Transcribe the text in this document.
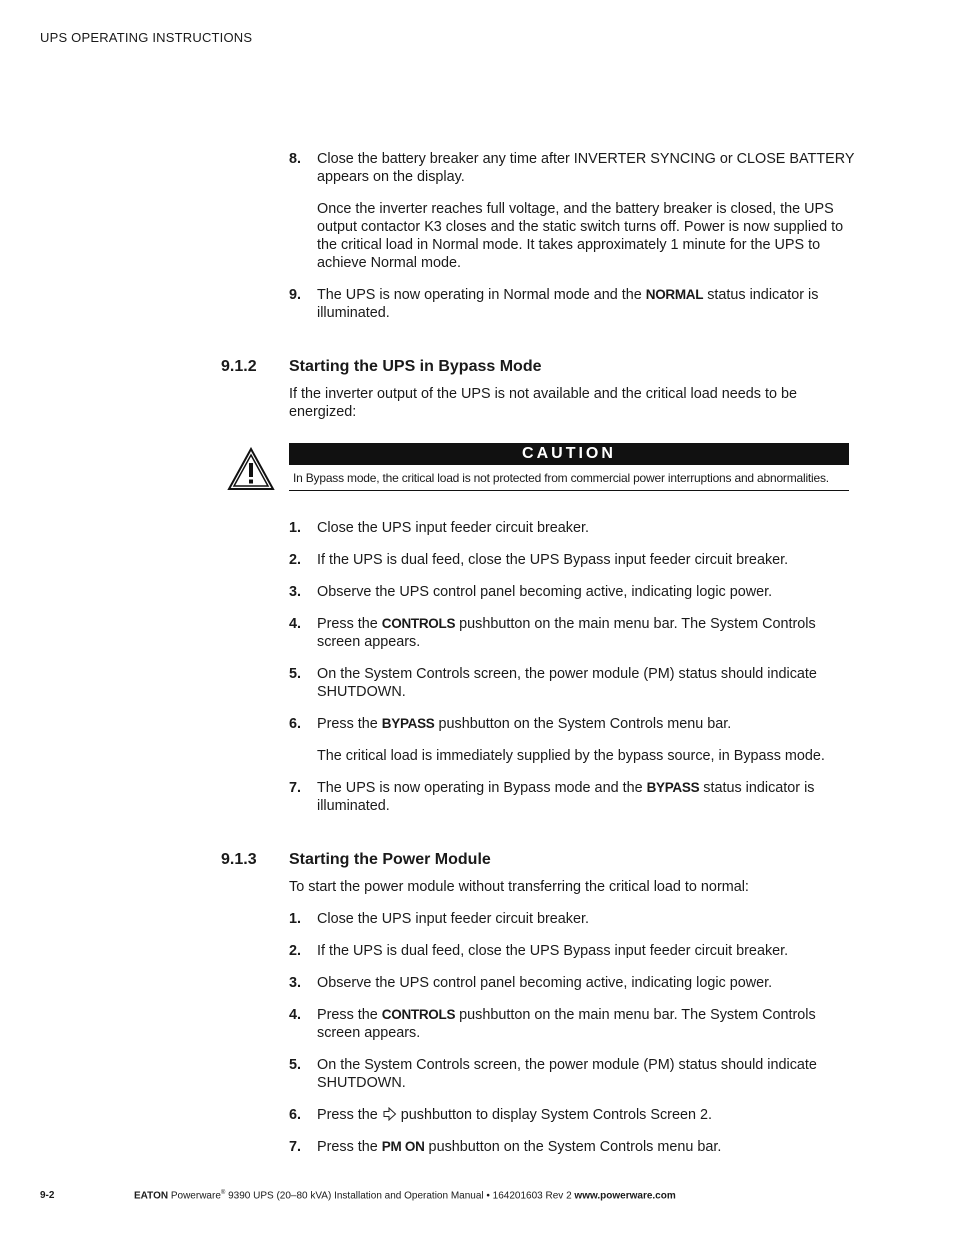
UPS OPERATING INSTRUCTIONS
8. Close the battery breaker any time after INVERTER SYNCING or CLOSE BATTERY appears on the display.
Once the inverter reaches full voltage, and the battery breaker is closed, the UPS output contactor K3 closes and the static switch turns off. Power is now supplied to the critical load in Normal mode. It takes approximately 1 minute for the UPS to achieve Normal mode.
9. The UPS is now operating in Normal mode and the NORMAL status indicator is illuminated.
9.1.2 Starting the UPS in Bypass Mode
If the inverter output of the UPS is not available and the critical load needs to be energized:
CAUTION
In Bypass mode, the critical load is not protected from commercial power interruptions and abnormalities.
1. Close the UPS input feeder circuit breaker.
2. If the UPS is dual feed, close the UPS Bypass input feeder circuit breaker.
3. Observe the UPS control panel becoming active, indicating logic power.
4. Press the CONTROLS pushbutton on the main menu bar. The System Controls screen appears.
5. On the System Controls screen, the power module (PM) status should indicate SHUTDOWN.
6. Press the BYPASS pushbutton on the System Controls menu bar.
The critical load is immediately supplied by the bypass source, in Bypass mode.
7. The UPS is now operating in Bypass mode and the BYPASS status indicator is illuminated.
9.1.3 Starting the Power Module
To start the power module without transferring the critical load to normal:
1. Close the UPS input feeder circuit breaker.
2. If the UPS is dual feed, close the UPS Bypass input feeder circuit breaker.
3. Observe the UPS control panel becoming active, indicating logic power.
4. Press the CONTROLS pushbutton on the main menu bar. The System Controls screen appears.
5. On the System Controls screen, the power module (PM) status should indicate SHUTDOWN.
6. Press the  pushbutton to display System Controls Screen 2.
7. Press the PM ON pushbutton on the System Controls menu bar.
9-2	EATON Powerware® 9390 UPS (20–80 kVA) Installation and Operation Manual • 164201603 Rev 2 www.powerware.com
